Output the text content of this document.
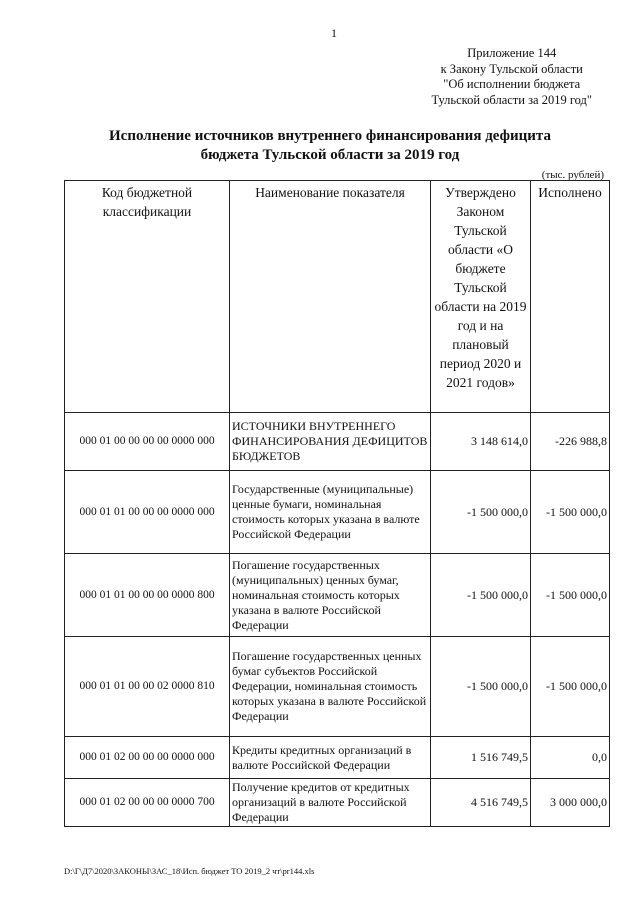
1
Приложение 144
к Закону Тульской области
"Об исполнении бюджета
Тульской области за 2019 год"
Исполнение источников внутреннего финансирования дефицита
бюджета Тульской области за 2019 год
(тыс. рублей)
Код бюджетной классификации	Наименование показателя	Утверждено Законом Тульской области «О бюджете Тульской области на 2019 год и на плановый период 2020 и 2021 годов»	Исполнено
000 01 00 00 00 00 0000 000	ИСТОЧНИКИ ВНУТРЕННЕГО ФИНАНСИРОВАНИЯ ДЕФИЦИТОВ БЮДЖЕТОВ	3 148 614,0	-226 988,8
000 01 01 00 00 00 0000 000	Государственные (муниципальные) ценные бумаги, номинальная стоимость которых указана в валюте Российской Федерации	-1 500 000,0	-1 500 000,0
000 01 01 00 00 00 0000 800	Погашение государственных (муниципальных) ценных бумаг, номинальная стоимость которых указана в валюте Российской Федерации	-1 500 000,0	-1 500 000,0
000 01 01 00 00 02 0000 810	Погашение государственных ценных бумаг субъектов Российской Федерации, номинальная стоимость которых указана в валюте Российской Федерации	-1 500 000,0	-1 500 000,0
000 01 02 00 00 00 0000 000	Кредиты кредитных организаций в валюте Российской Федерации	1 516 749,5	0,0
000 01 02 00 00 00 0000 700	Получение кредитов от кредитных организаций в валюте Российской Федерации	4 516 749,5	3 000 000,0
D:\Г\Д7\2020\ЗАКОНЫ\ЗАС_18\Исп. бюджет ТО 2019_2 чт\pr144.xls
